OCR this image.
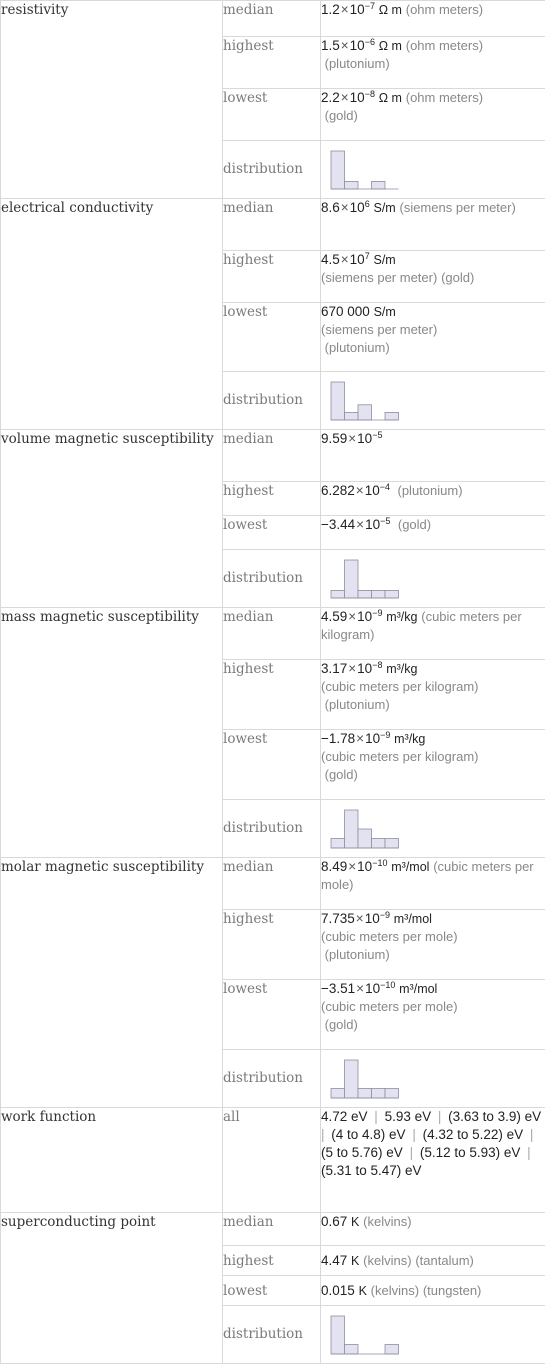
resistivity	median	$1.2\times 10^{-7}$ Ω m (ohm meters)
	highest	$1.5\times 10^{-6}$ Ω m (ohm meters)
(plutonium)
	lowest	$2.2\times 10^{-8}$ Ω m (ohm meters)
(gold)
	distribution	

electrical conductivity	median	$8.6\times 10^6$ S/m (siemens per meter)
	highest	$4.5\times 10^7$ S/m
(siemens per meter) (gold)
	lowest	670 000 S/m
(siemens per meter)
(plutonium)
	distribution	

volume magnetic susceptibility	median	$9.59\times 10^{-5}$
	highest	$6.282\times 10^{-4}$ (plutonium)
	lowest	$-3.44\times 10^{-5}$ (gold)
	distribution	

mass magnetic susceptibility	median	$4.59\times 10^{-9}$ m³/kg (cubic meters per kilogram)
	highest	$3.17\times 10^{-8}$ m³/kg
(cubic meters per kilogram)
(plutonium)
	lowest	$-1.78\times 10^{-9}$ m³/kg
(cubic meters per kilogram)
(gold)
	distribution	

molar magnetic susceptibility	median	$8.49\times 10^{-10}$ m³/mol (cubic meters per mole)
	highest	$7.735\times 10^{-9}$ m³/mol
(cubic meters per mole)
(plutonium)
	lowest	$-3.51\times 10^{-10}$ m³/mol
(cubic meters per mole)
(gold)
	distribution	

work function	all	4.72 eV | 5.93 eV | (3.63 to 3.9) eV | (4 to 4.8) eV | (4.32 to 5.22) eV | (5 to 5.76) eV | (5.12 to 5.93) eV | (5.31 to 5.47) eV
superconducting point	median	0.67 K (kelvins)
	highest	4.47 K (kelvins) (tantalum)
	lowest	0.015 K (kelvins) (tungsten)
	distribution	
